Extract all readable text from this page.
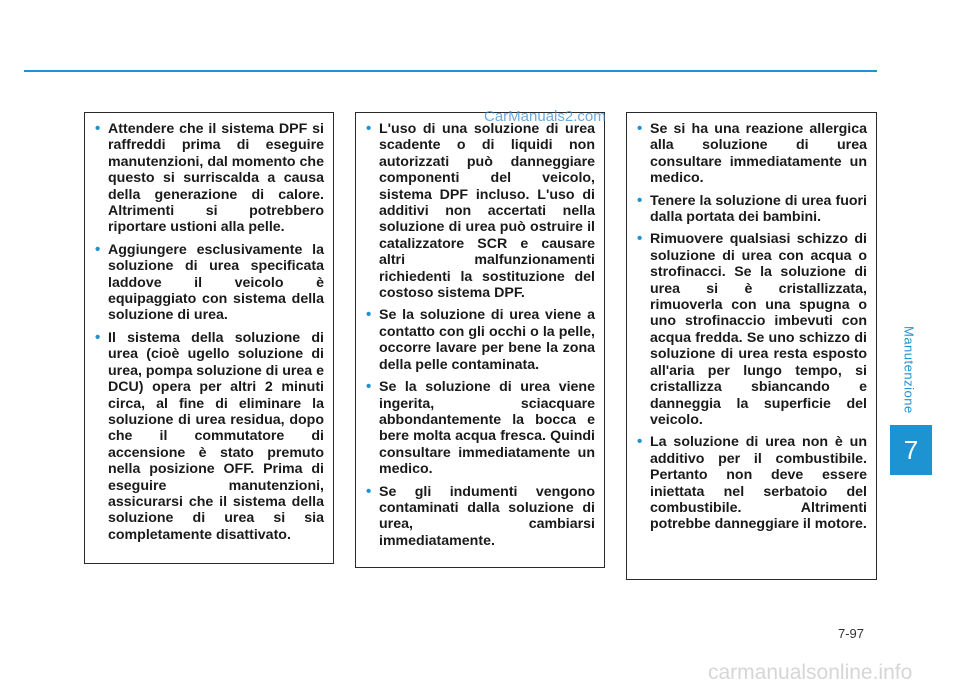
• Attendere che il sistema DPF si raffreddi prima di eseguire manutenzioni, dal momento che questo si surriscalda a causa della generazione di calore. Altrimenti si potrebbero riportare ustioni alla pelle.
• Aggiungere esclusivamente la soluzione di urea specificata laddove il veicolo è equipaggiato con sistema della soluzione di urea.
• Il sistema della soluzione di urea (cioè ugello soluzione di urea, pompa soluzione di urea e DCU) opera per altri 2 minuti circa, al fine di eliminare la soluzione di urea residua, dopo che il commutatore di accensione è stato premuto nella posizione OFF. Prima di eseguire manutenzioni, assicurarsi che il sistema della soluzione di urea si sia completamente disattivato.
• L'uso di una soluzione di urea scadente o di liquidi non autorizzati può danneggiare componenti del veicolo, sistema DPF incluso. L'uso di additivi non accertati nella soluzione di urea può ostruire il catalizzatore SCR e causare altri malfunzionamenti richiedenti la sostituzione del costoso sistema DPF.
• Se la soluzione di urea viene a contatto con gli occhi o la pelle, occorre lavare per bene la zona della pelle contaminata.
• Se la soluzione di urea viene ingerita, sciacquare abbondantemente la bocca e bere molta acqua fresca. Quindi consultare immediatamente un medico.
• Se gli indumenti vengono contaminati dalla soluzione di urea, cambiarsi immediatamente.
• Se si ha una reazione allergica alla soluzione di urea consultare immediatamente un medico.
• Tenere la soluzione di urea fuori dalla portata dei bambini.
• Rimuovere qualsiasi schizzo di soluzione di urea con acqua o strofinacci. Se la soluzione di urea si è cristallizzata, rimuoverla con una spugna o uno strofinaccio imbevuti con acqua fredda. Se uno schizzo di soluzione di urea resta esposto all'aria per lungo tempo, si cristallizza sbiancando e danneggia la superficie del veicolo.
• La soluzione di urea non è un additivo per il combustibile. Pertanto non deve essere iniettata nel serbatoio del combustibile. Altrimenti potrebbe danneggiare il motore.
CarManuals2.com
Manutenzione
7
7-97
carmanualsonline.info
